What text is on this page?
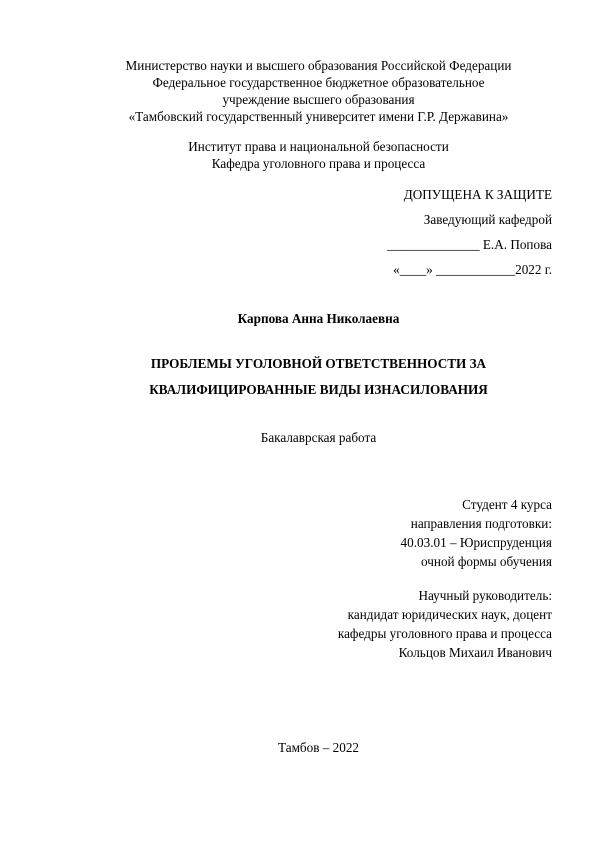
Министерство науки и высшего образования Российской Федерации
Федеральное государственное бюджетное образовательное
учреждение высшего образования
«Тамбовский государственный университет имени Г.Р. Державина»
Институт права и национальной безопасности
Кафедра уголовного права и процесса
ДОПУЩЕНА К ЗАЩИТЕ
Заведующий кафедрой
______________ Е.А. Попова
«____» ____________2022 г.
Карпова Анна Николаевна
ПРОБЛЕМЫ УГОЛОВНОЙ ОТВЕТСТВЕННОСТИ ЗА
КВАЛИФИЦИРОВАННЫЕ ВИДЫ ИЗНАСИЛОВАНИЯ
Бакалаврская работа
Студент 4 курса
направления подготовки:
40.03.01 – Юриспруденция
очной формы обучения
Научный руководитель:
кандидат юридических наук, доцент
кафедры уголовного права и процесса
Кольцов Михаил Иванович
Тамбов – 2022
